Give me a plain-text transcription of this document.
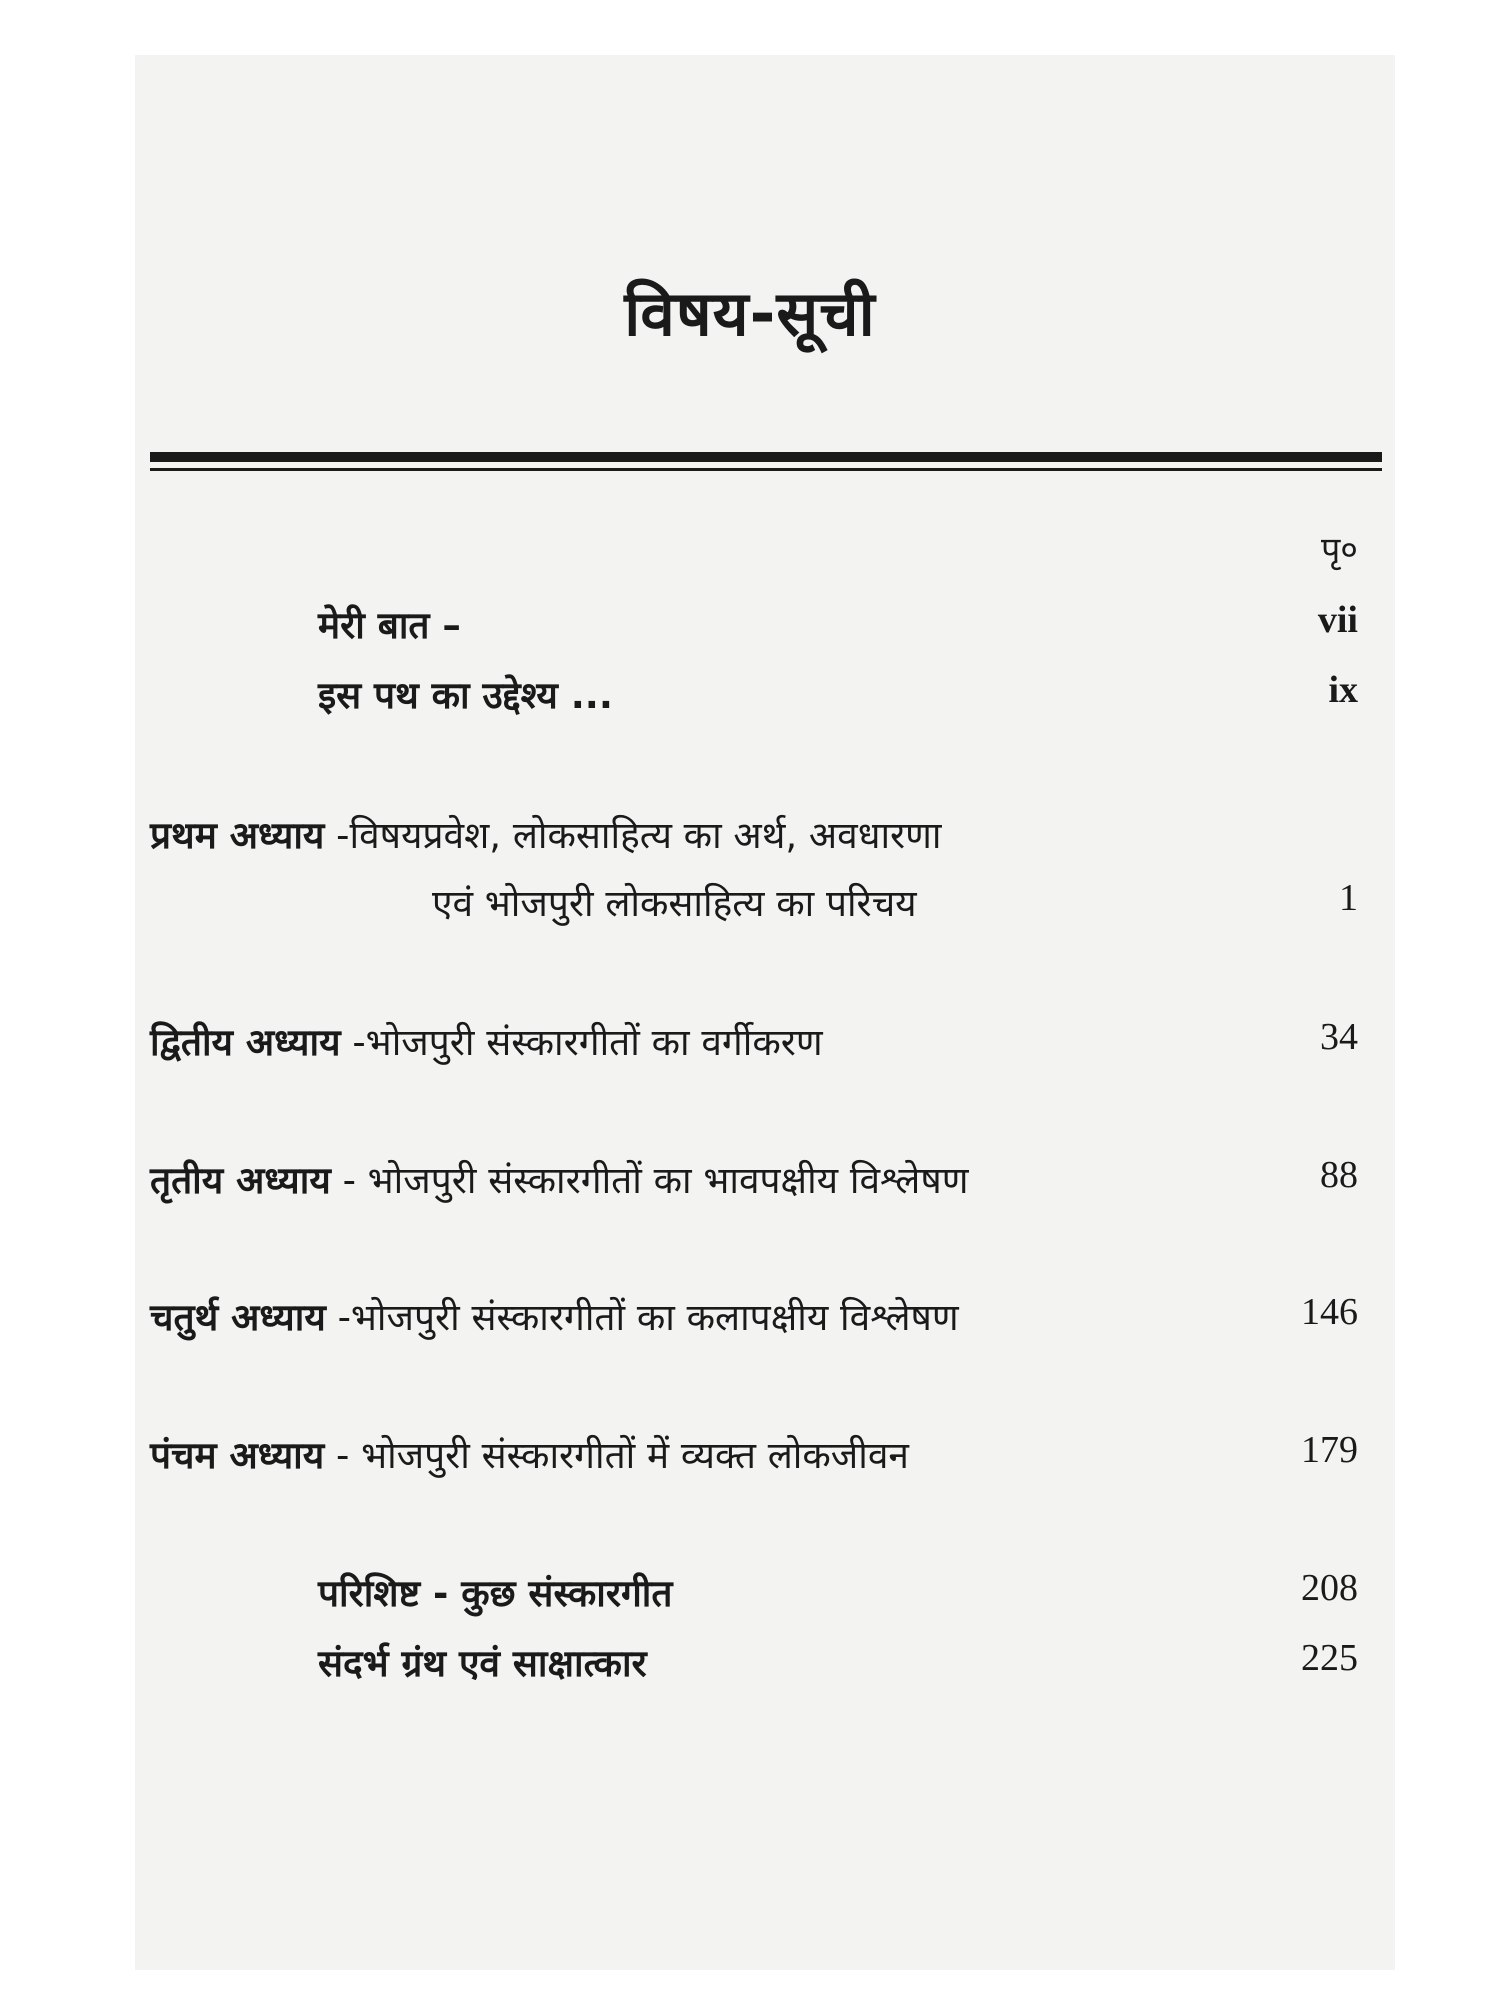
विषय-सूची
पृ०
मेरी बात –	vii
इस पथ का उद्देश्य ...	ix
प्रथम अध्याय -विषयप्रवेश, लोकसाहित्य का अर्थ, अवधारणा
एवं भोजपुरी लोकसाहित्य का परिचय	1
द्वितीय अध्याय -भोजपुरी संस्कारगीतों का वर्गीकरण	34
तृतीय अध्याय - भोजपुरी संस्कारगीतों का भावपक्षीय विश्लेषण	88
चतुर्थ अध्याय -भोजपुरी संस्कारगीतों का कलापक्षीय विश्लेषण	146
पंचम अध्याय - भोजपुरी संस्कारगीतों में व्यक्त लोकजीवन	179
परिशिष्ट - कुछ संस्कारगीत	208
संदर्भ ग्रंथ एवं साक्षात्कार	225
